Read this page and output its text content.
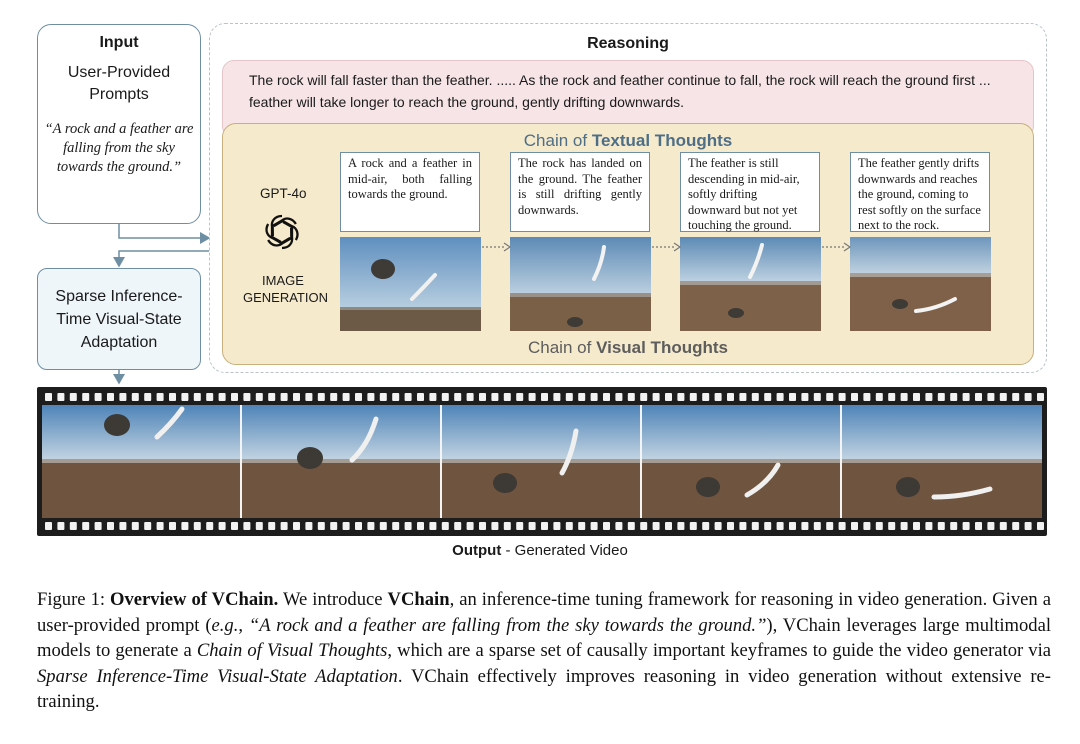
Input
User-Provided Prompts
“A rock and a feather are falling from the sky towards the ground.”
Sparse Inference-Time Visual-State Adaptation
Reasoning
The rock will fall faster than the feather. ..... As the rock and feather continue to fall, the rock will reach the ground first ... feather will take longer to reach the ground, gently drifting downwards.
Chain of Textual Thoughts
GPT-4o
IMAGE GENERATION
A rock and a feather in mid-air, both falling towards the ground.
The rock has landed on the ground. The feather is still drifting gently downwards.
The feather is still descending in mid-air, softly drifting downward but not yet touching the ground.
The feather gently drifts downwards and reaches the ground, coming to rest softly on the surface next to the rock.
Chain of Visual Thoughts
Output - Generated Video
Figure 1: Overview of VChain. We introduce VChain, an inference-time tuning framework for reasoning in video generation. Given a user-provided prompt (e.g., “A rock and a feather are falling from the sky towards the ground.”), VChain leverages large multimodal models to generate a Chain of Visual Thoughts, which are a sparse set of causally important keyframes to guide the video generator via Sparse Inference-Time Visual-State Adaptation. VChain effectively improves reasoning in video generation without extensive re-training.
